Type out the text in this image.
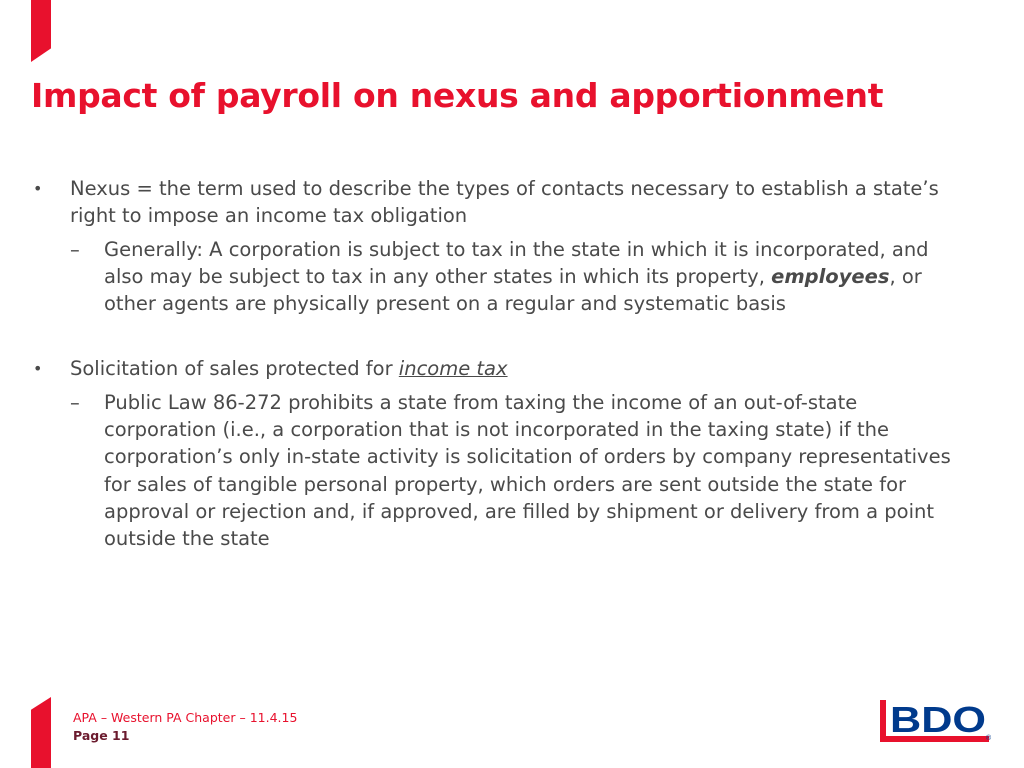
Impact of payroll on nexus and apportionment
•	Nexus = the term used to describe the types of contacts necessary to establish a state’s right to impose an income tax obligation
– Generally: A corporation is subject to tax in the state in which it is incorporated, and also may be subject to tax in any other states in which its property, employees, or other agents are physically present on a regular and systematic basis
•	Solicitation of sales protected for income tax
– Public Law 86-272 prohibits a state from taxing the income of an out-of-state corporation (i.e., a corporation that is not incorporated in the taxing state) if the corporation’s only in-state activity is solicitation of orders by company representatives for sales of tangible personal property, which orders are sent outside the state for approval or rejection and, if approved, are filled by shipment or delivery from a point outside the state
APA – Western PA Chapter – 11.4.15
Page 11	BDO ®
